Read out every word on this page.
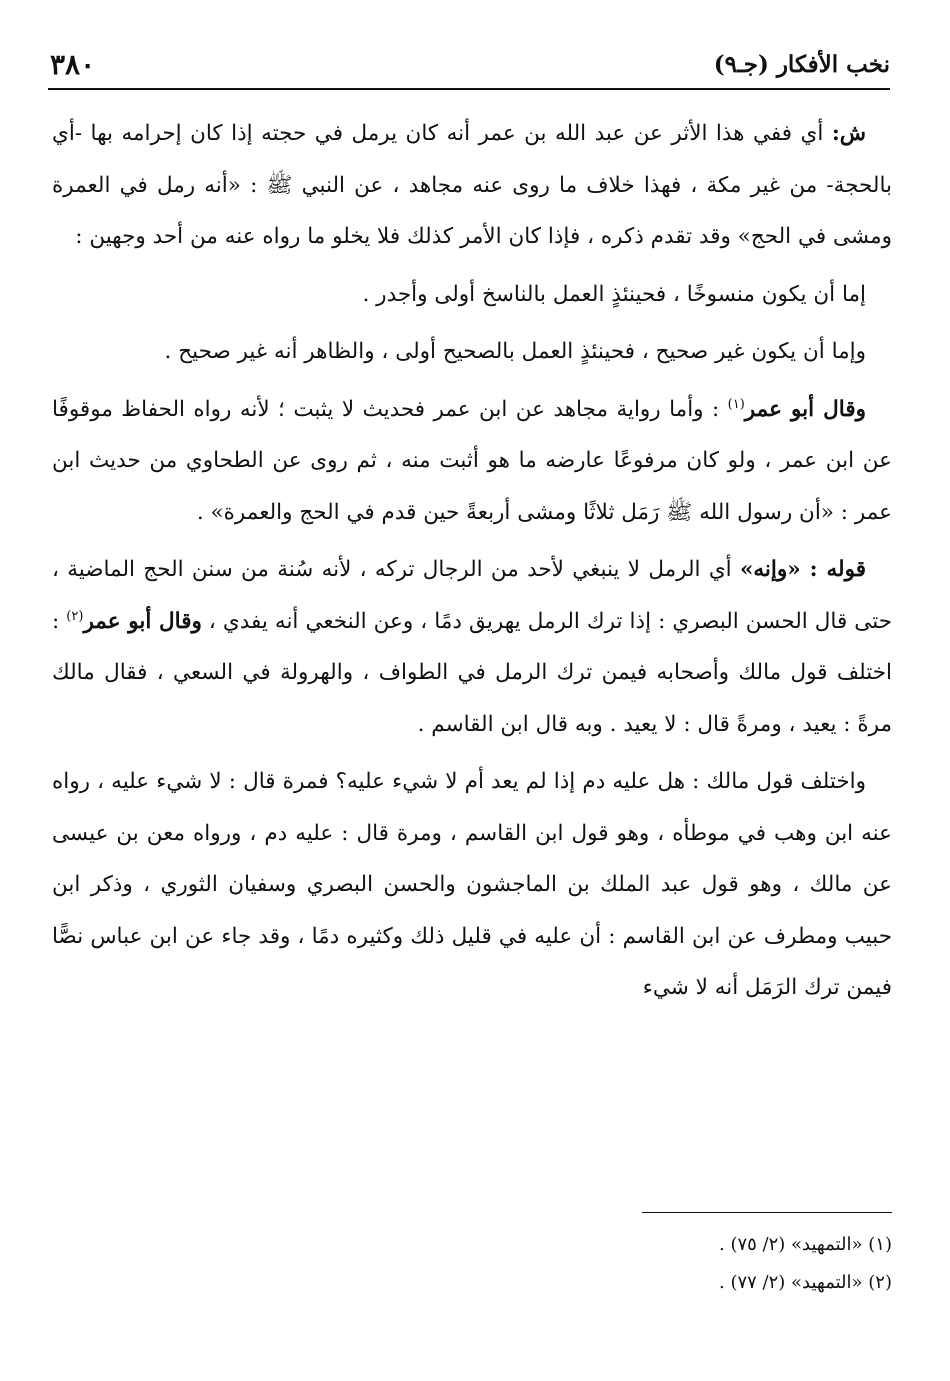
نخب الأفكار (جـ٩)
٣٨٠

ش: أي ففي هذا الأثر عن عبد الله بن عمر أنه كان يرمل في حجته إذا كان إحرامه بها -أي بالحجة- من غير مكة ، فهذا خلاف ما روى عنه مجاهد ، عن النبي ﷺ : «أنه رمل في العمرة ومشى في الحج» وقد تقدم ذكره ، فإذا كان الأمر كذلك فلا يخلو ما رواه عنه من أحد وجهين :

إما أن يكون منسوخًا ، فحينئذٍ العمل بالناسخ أولى وأجدر .

وإما أن يكون غير صحيح ، فحينئذٍ العمل بالصحيح أولى ، والظاهر أنه غير صحيح .

وقال أبو عمر$^{(١)}$ : وأما رواية مجاهد عن ابن عمر فحديث لا يثبت ؛ لأنه رواه الحفاظ موقوفًا عن ابن عمر ، ولو كان مرفوعًا عارضه ما هو أثبت منه ، ثم روى عن الطحاوي من حديث ابن عمر : «أن رسول الله ﷺ رَمَل ثلاثًا ومشى أربعةً حين قدم في الحج والعمرة» .

قوله : «وإنه» أي الرمل لا ينبغي لأحد من الرجال تركه ، لأنه سُنة من سنن الحج الماضية ، حتى قال الحسن البصري : إذا ترك الرمل يهريق دمًا ، وعن النخعي أنه يفدي ، وقال أبو عمر$^{(٢)}$ : اختلف قول مالك وأصحابه فيمن ترك الرمل في الطواف ، والهرولة في السعي ، فقال مالك مرةً : يعيد ، ومرةً قال : لا يعيد . وبه قال ابن القاسم .

واختلف قول مالك : هل عليه دم إذا لم يعد أم لا شيء عليه؟ فمرة قال : لا شيء عليه ، رواه عنه ابن وهب في موطأه ، وهو قول ابن القاسم ، ومرة قال : عليه دم ، ورواه معن بن عيسى عن مالك ، وهو قول عبد الملك بن الماجشون والحسن البصري وسفيان الثوري ، وذكر ابن حبيب ومطرف عن ابن القاسم : أن عليه في قليل ذلك وكثيره دمًا ، وقد جاء عن ابن عباس نصًّا فيمن ترك الرَمَل أنه لا شيء

(١) «التمهيد» (٢/ ٧٥) .
(٢) «التمهيد» (٢/ ٧٧) .
